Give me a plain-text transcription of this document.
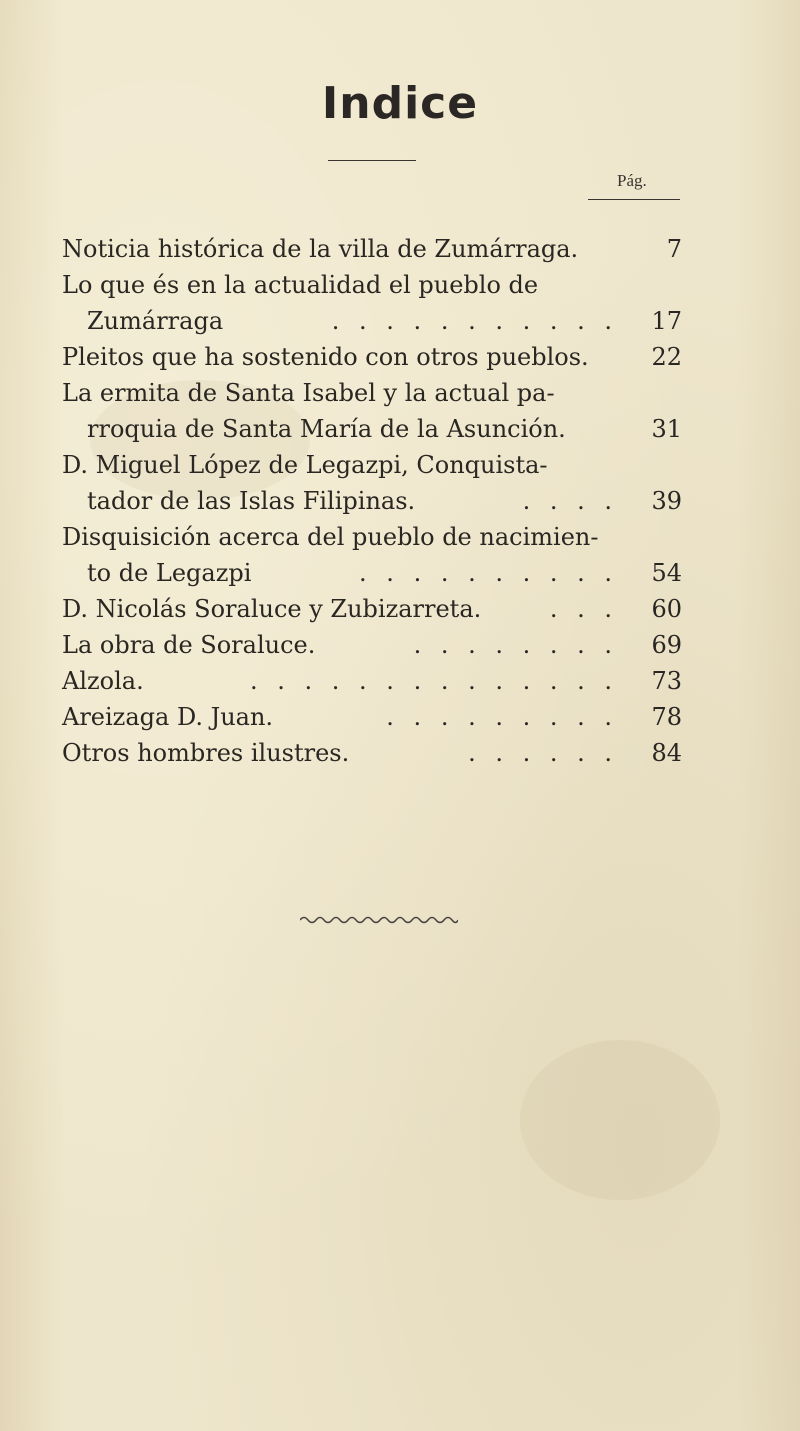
Indice
Pág.
Noticia histórica de la villa de Zumárraga.	7
Lo que és en la actualidad el pueblo de
Zumárraga	. . . . . . . . . . .	17
Pleitos que ha sostenido con otros pueblos.	22
La ermita de Santa Isabel y la actual pa-
rroquia de Santa María de la Asunción.	31
D. Miguel López de Legazpi, Conquista-
tador de las Islas Filipinas.	. . . .	39
Disquisición acerca del pueblo de nacimien-
to de Legazpi	. . . . . . . . . .	54
D. Nicolás Soraluce y Zubizarreta.	. . .	60
La obra de Soraluce.	. . . . . . . .	69
Alzola.	. . . . . . . . . . . . . .	73
Areizaga D. Juan.	. . . . . . . . .	78
Otros hombres ilustres.	. . . . . .	84
